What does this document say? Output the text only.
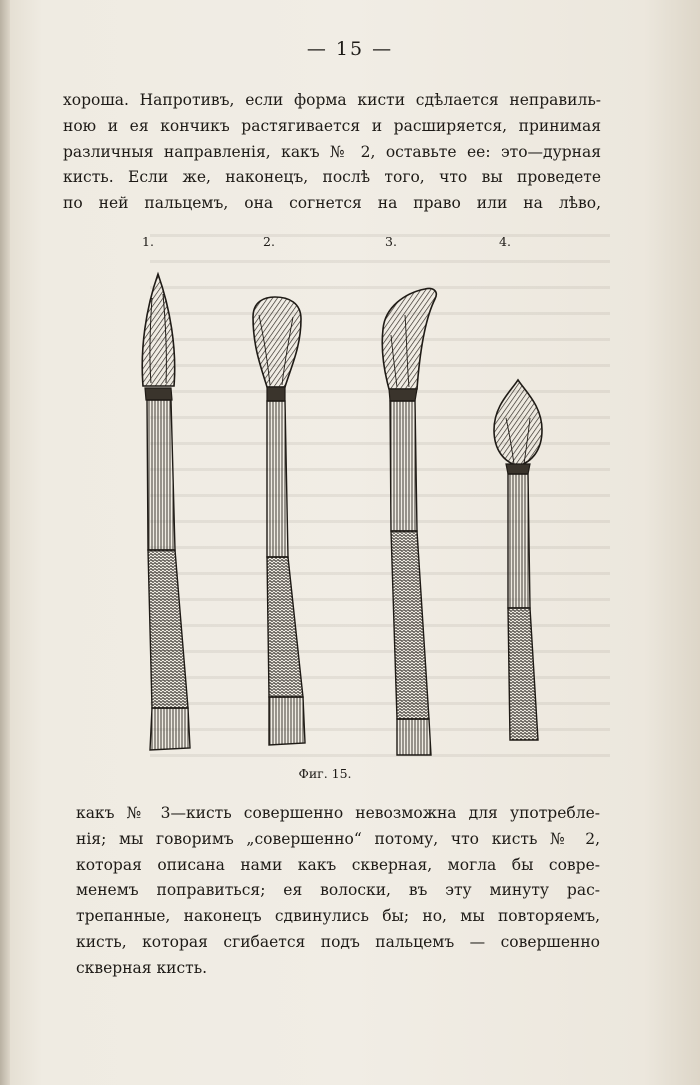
— 15 —
хороша. Напротивъ, если форма кисти сдѣлается неправиль-
ною и ея кончикъ растягивается и расширяется, принимая
различныя направленія, какъ № 2, оставьте ее: это—дурная
кисть. Если же, наконецъ, послѣ того, что вы проведете
по ней пальцемъ, она согнется на право или на лѣво,
1.	2.	3.	4.
Фиг. 15.
какъ № 3—кисть совершенно невозможна для употребле-
нія; мы говоримъ „совершенно“ потому, что кисть № 2,
которая описана нами какъ скверная, могла бы совре-
менемъ поправиться; ея волоски, въ эту минуту рас-
трепанные, наконецъ сдвинулись бы; но, мы повторяемъ,
кисть, которая сгибается подъ пальцемъ — совершенно
скверная кисть.
